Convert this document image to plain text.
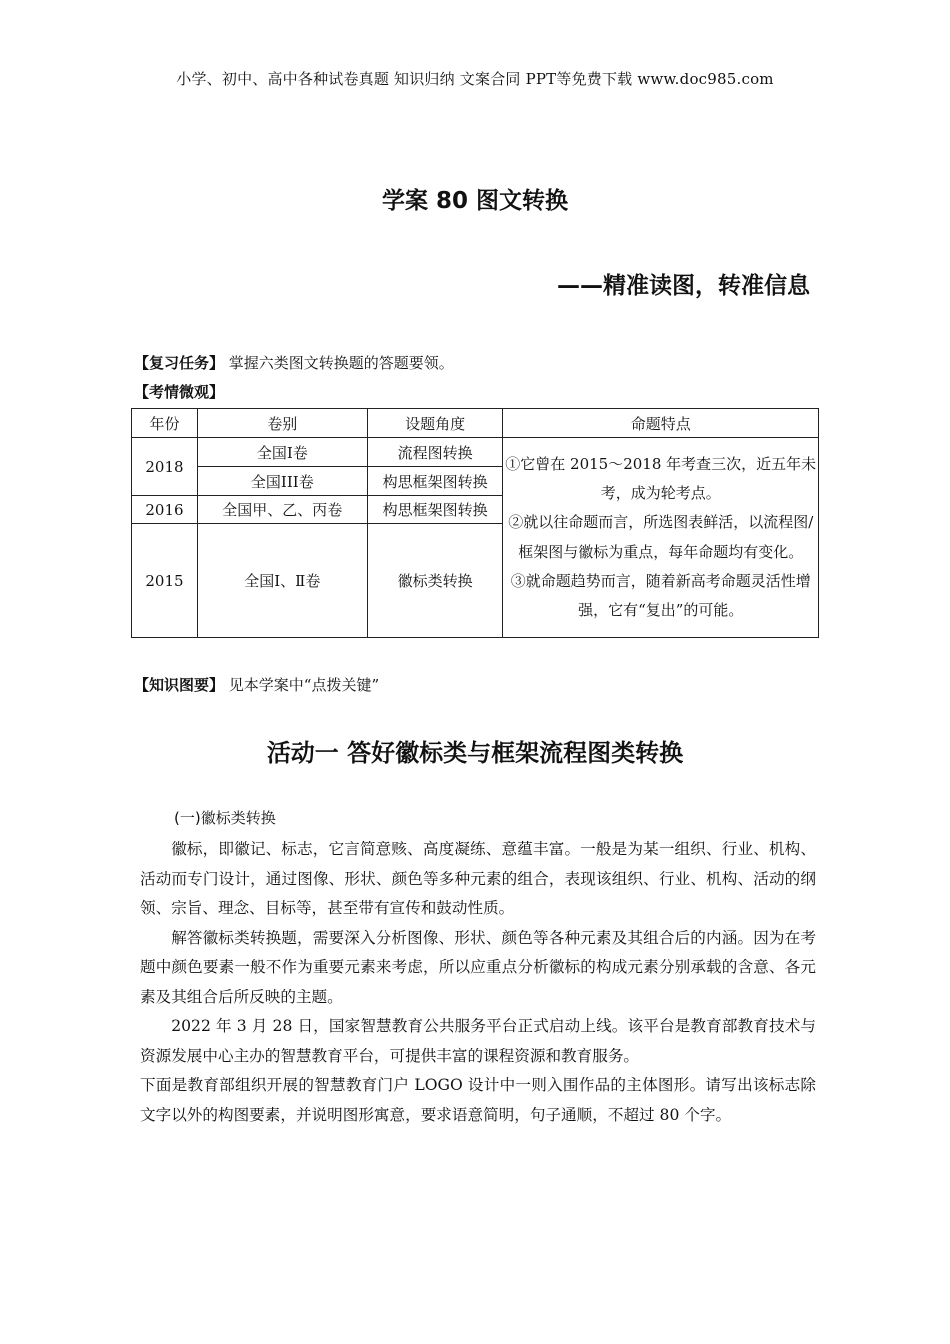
小学、初中、高中各种试卷真题 知识归纳 文案合同 PPT等免费下载 www.doc985.com
学案 80 图文转换
——精准读图，转准信息
【复习任务】 掌握六类图文转换题的答题要领。
【考情微观】
年份	卷别	设题角度	命题特点
2018	全国Ⅰ卷	流程图转换	①它曾在 2015～2018 年考查三次，近五年未考，成为轮考点。
②就以往命题而言，所选图表鲜活，以流程图/框架图与徽标为重点，每年命题均有变化。
③就命题趋势而言，随着新高考命题灵活性增强，它有“复出”的可能。

	全国III卷	构思框架图转换	
2016	全国甲、乙、丙卷	构思框架图转换	
2015	全国Ⅰ、Ⅱ卷	徽标类转换	
【知识图要】 见本学案中“点拨关键”
活动一 答好徽标类与框架流程图类转换
(一)徽标类转换

徽标，即徽记、标志，它言简意赅、高度凝练、意蕴丰富。一般是为某一组织、行业、机构、活动而专门设计，通过图像、形状、颜色等多种元素的组合，表现该组织、行业、机构、活动的纲领、宗旨、理念、目标等，甚至带有宣传和鼓动性质。

解答徽标类转换题，需要深入分析图像、形状、颜色等各种元素及其组合后的内涵。因为在考题中颜色要素一般不作为重要元素来考虑，所以应重点分析徽标的构成元素分别承载的含意、各元素及其组合后所反映的主题。

2022 年 3 月 28 日，国家智慧教育公共服务平台正式启动上线。该平台是教育部教育技术与资源发展中心主办的智慧教育平台，可提供丰富的课程资源和教育服务。

下面是教育部组织开展的智慧教育门户 LOGO 设计中一则入围作品的主体图形。请写出该标志除文字以外的构图要素，并说明图形寓意，要求语意简明，句子通顺，不超过 80 个字。
